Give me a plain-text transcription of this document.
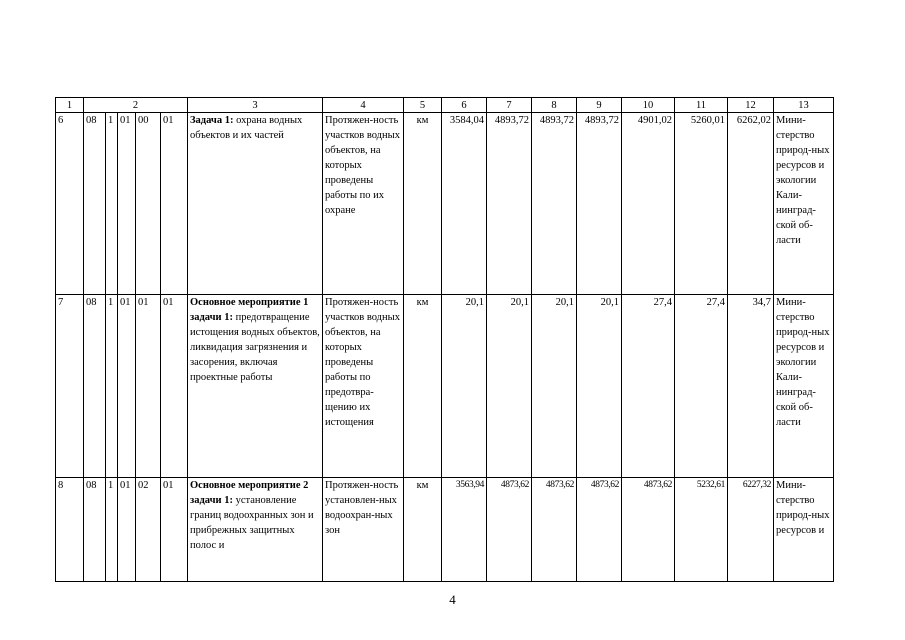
1	2					3	4	5	6	7	8	9	10	11	12	13
6	08	1	01	00	01	Задача 1: охрана водных объектов и их частей	Протяжен-ность участков водных объектов, на которых проведены работы по их охране	км	3584,04	4893,72	4893,72	4893,72	4901,02	5260,01	6262,02	Мини-стерство природ-ных ресурсов и экологии Кали-нинград-ской об-ласти
7	08	1	01	01	01	Основное мероприятие 1 задачи 1: предотвращение истощения водных объектов, ликвидация загрязнения и засорения, включая проектные работы	Протяжен-ность участков водных объектов, на которых проведены работы по предотвра-щению их истощения	км	20,1	20,1	20,1	20,1	27,4	27,4	34,7	Мини-стерство природ-ных ресурсов и экологии Кали-нинград-ской об-ласти
8	08	1	01	02	01	Основное мероприятие 2 задачи 1: установление границ водоохранных зон и прибрежных защитных полос и	Протяжен-ность установлен-ных водоохран-ных зон	км	3563,94	4873,62	4873,62	4873,62	4873,62	5232,61	6227,32	Мини-стерство природ-ных ресурсов и
4
